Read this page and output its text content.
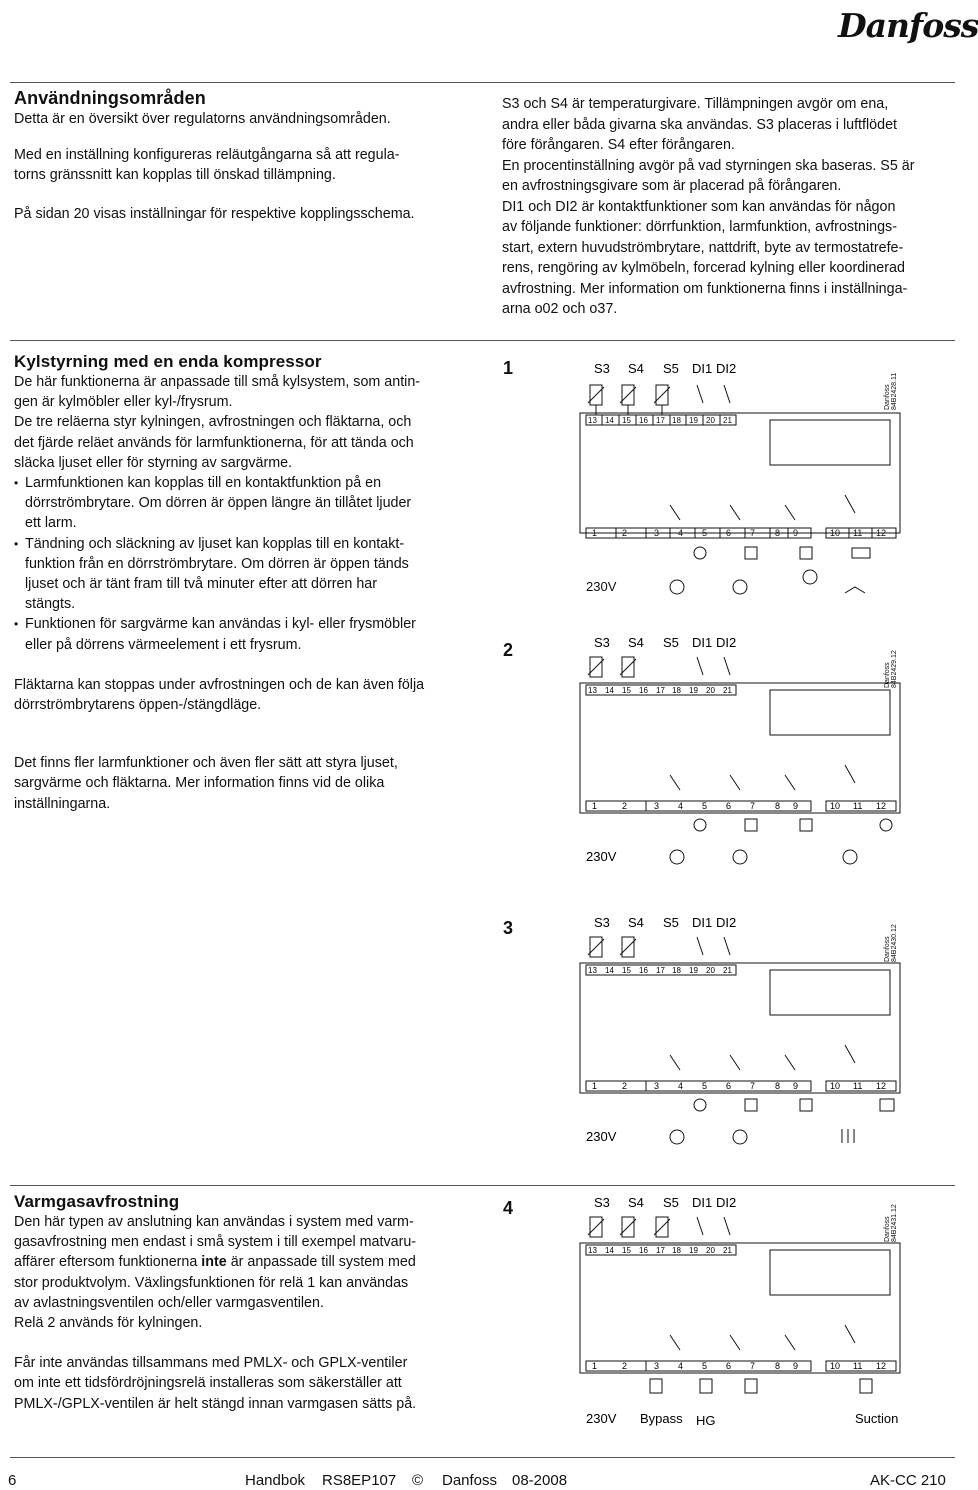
Danfoss
Användningsområden
Detta är en översikt över regulatorns användningsområden.
Med en inställning konfigureras reläutgångarna så att regula-
torns gränssnitt kan kopplas till önskad tillämpning.
På sidan 20 visas inställningar för respektive kopplingsschema.
S3 och S4 är temperaturgivare. Tillämpningen avgör om ena,
andra eller båda givarna ska användas. S3 placeras i luftflödet
före förångaren. S4 efter förångaren.
En procentinställning avgör på vad styrningen ska baseras. S5 är
en avfrostningsgivare som är placerad på förångaren.
DI1 och DI2 är kontaktfunktioner som kan användas för någon
av följande funktioner: dörrfunktion, larmfunktion, avfrostnings-
start, extern huvudströmbrytare, nattdrift, byte av termostatrefe-
rens, rengöring av kylmöbeln, forcerad kylning eller koordinerad
avfrostning. Mer information om funktionerna finns i inställninga-
arna o02 och o37.
Kylstyrning med en enda kompressor
De här funktionerna är anpassade till små kylsystem, som antin-
gen är kylmöbler eller kyl-/frysrum.
De tre reläerna styr kylningen, avfrostningen och fläktarna, och
det fjärde reläet används för larmfunktionerna, för att tända och
släcka ljuset eller för styrning av sargvärme.
• Larmfunktionen kan kopplas till en kontaktfunktion på en
dörrströmbrytare. Om dörren är öppen längre än tillåtet ljuder
ett larm.
• Tändning och släckning av ljuset kan kopplas till en kontakt-
funktion från en dörrströmbrytare. Om dörren är öppen tänds
ljuset och är tänt fram till två minuter efter att dörren har
stängts.
• Funktionen för sargvärme kan användas i kyl- eller frysmöbler
eller på dörrens värmeelement i ett frysrum.
Fläktarna kan stoppas under avfrostningen och de kan även följa
dörrströmbrytarens öppen-/stängdläge.
Det finns fler larmfunktioner och även fler sätt att styra ljuset,
sargvärme och fläktarna. Mer information finns vid de olika
inställningarna.
Varmgasavfrostning
Den här typen av anslutning kan användas i system med varm-
gasavfrostning men endast i små system i till exempel matvaru-
affärer eftersom funktionerna inte är anpassade till system med
stor produktvolym. Växlingsfunktionen för relä 1 kan användas
av avlastningsventilen och/eller varmgasventilen.
Relä 2 används för kylningen.
Får inte användas tillsammans med PMLX- och GPLX-ventiler
om inte ett tidsfördröjningsrelä installeras som säkerställer att
PMLX-/GPLX-ventilen är helt stängd innan varmgasen sätts på.
1
2
3
4
S3 S4 S5 DI1 DI2
13 14 15 16 17 18 19 20 21
1	2	3 4 5 6 7 8 9	10 11 12
230V
Danfoss
84B2428.11
S3 S4 S5 DI1 DI2
13 14 15 16 17 18 19 20 21
1	2	3 4 5 6 7 8 9	10 11 12
230V
Danfoss
84B2429.12
S3 S4 S5 DI1 DI2
13 14 15 16 17 18 19 20 21
1	2	3 4 5 6 7 8 9	10 11 12
230V
Danfoss
84B2430.12
S3 S4 S5 DI1 DI2
13 14 15 16 17 18 19 20 21
1	2	3 4 5 6 7 8 9	10 11 12
230V Bypass HG	Suction
Danfoss
84B2431.12
6	Handbok RS8EP107 © Danfoss 08-2008	AK-CC 210
